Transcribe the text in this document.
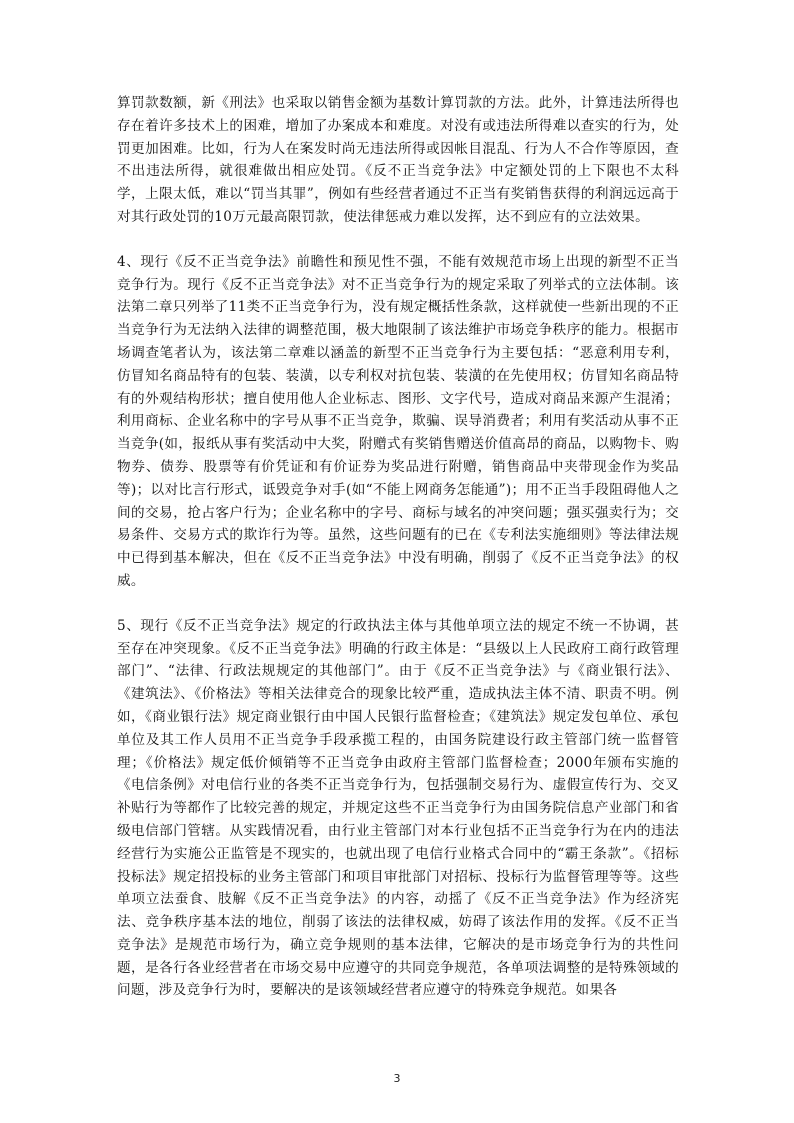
算罚款数额，新《刑法》也采取以销售金额为基数计算罚款的方法。此外，计算违法所得也存在着许多技术上的困难，增加了办案成本和难度。对没有或违法所得难以查实的行为，处罚更加困难。比如，行为人在案发时尚无违法所得或因帐目混乱、行为人不合作等原因，查不出违法所得，就很难做出相应处罚。《反不正当竞争法》中定额处罚的上下限也不太科学，上限太低，难以“罚当其罪”，例如有些经营者通过不正当有奖销售获得的利润远远高于对其行政处罚的10万元最高限罚款，使法律惩戒力难以发挥，达不到应有的立法效果。

4、现行《反不正当竞争法》前瞻性和预见性不强，不能有效规范市场上出现的新型不正当竞争行为。现行《反不正当竞争法》对不正当竞争行为的规定采取了列举式的立法体制。该法第二章只列举了11类不正当竞争行为，没有规定概括性条款，这样就使一些新出现的不正当竞争行为无法纳入法律的调整范围，极大地限制了该法维护市场竞争秩序的能力。根据市场调查笔者认为，该法第二章难以涵盖的新型不正当竞争行为主要包括：“恶意利用专利，仿冒知名商品特有的包装、装潢，以专利权对抗包装、装潢的在先使用权；仿冒知名商品特有的外观结构形状；擅自使用他人企业标志、图形、文字代号，造成对商品来源产生混淆；利用商标、企业名称中的字号从事不正当竞争，欺骗、误导消费者；利用有奖活动从事不正当竞争(如，报纸从事有奖活动中大奖，附赠式有奖销售赠送价值高昂的商品，以购物卡、购物券、债券、股票等有价凭证和有价证券为奖品进行附赠，销售商品中夹带现金作为奖品等)；以对比言行形式，诋毁竞争对手(如“不能上网商务怎能通”)；用不正当手段阻碍他人之间的交易，抢占客户行为；企业名称中的字号、商标与域名的冲突问题；强买强卖行为；交易条件、交易方式的欺诈行为等。虽然，这些问题有的已在《专利法实施细则》等法律法规中已得到基本解决，但在《反不正当竞争法》中没有明确，削弱了《反不正当竞争法》的权威。

5、现行《反不正当竞争法》规定的行政执法主体与其他单项立法的规定不统一不协调，甚至存在冲突现象。《反不正当竞争法》明确的行政主体是：“县级以上人民政府工商行政管理部门”、“法律、行政法规规定的其他部门”。由于《反不正当竞争法》与《商业银行法》、《建筑法》、《价格法》等相关法律竞合的现象比较严重，造成执法主体不清、职责不明。例如，《商业银行法》规定商业银行由中国人民银行监督检查；《建筑法》规定发包单位、承包单位及其工作人员用不正当竞争手段承揽工程的，由国务院建设行政主管部门统一监督管理；《价格法》规定低价倾销等不正当竞争由政府主管部门监督检查；2000年颁布实施的《电信条例》对电信行业的各类不正当竞争行为，包括强制交易行为、虚假宣传行为、交叉补贴行为等都作了比较完善的规定，并规定这些不正当竞争行为由国务院信息产业部门和省级电信部门管辖。从实践情况看，由行业主管部门对本行业包括不正当竞争行为在内的违法经营行为实施公正监管是不现实的，也就出现了电信行业格式合同中的“霸王条款”。《招标投标法》规定招投标的业务主管部门和项目审批部门对招标、投标行为监督管理等等。这些单项立法蚕食、肢解《反不正当竞争法》的内容，动摇了《反不正当竞争法》作为经济宪法、竞争秩序基本法的地位，削弱了该法的法律权威，妨碍了该法作用的发挥。《反不正当竞争法》是规范市场行为，确立竞争规则的基本法律，它解决的是市场竞争行为的共性问题，是各行各业经营者在市场交易中应遵守的共同竞争规范，各单项法调整的是特殊领域的问题，涉及竞争行为时，要解决的是该领域经营者应遵守的特殊竞争规范。如果各

3
